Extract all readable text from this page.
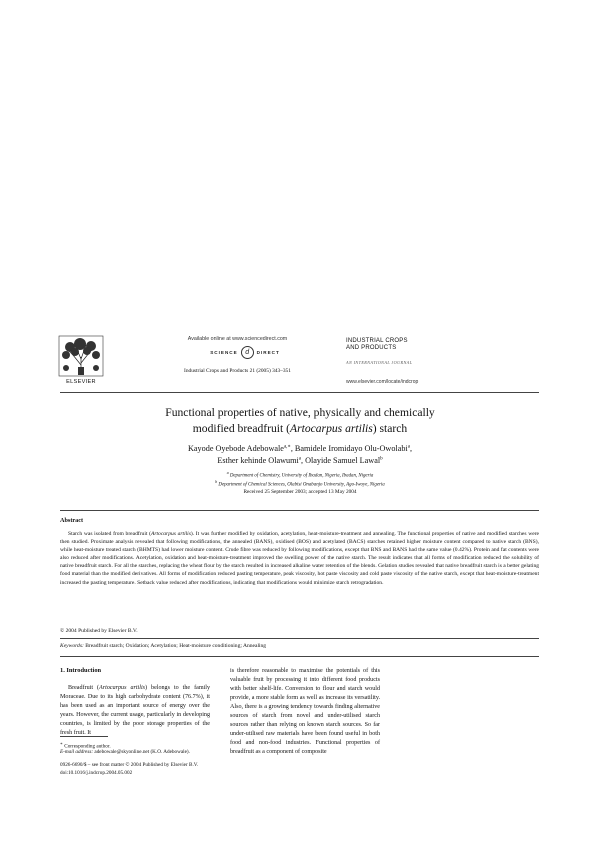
ELSEVIER
Available online at www.sciencedirect.com
SCIENCE	d	DIRECT
Industrial Crops and Products 21 (2005) 343–351
INDUSTRIAL CROPS
AND PRODUCTS
AN INTERNATIONAL JOURNAL
www.elsevier.com/locate/indcrop
Functional properties of native, physically and chemically
modified breadfruit (Artocarpus artilis) starch
Kayode Oyebode Adebowale$^{a,∗}$, Bamidele Iromidayo Olu-Owolabi$^a$,
Esther kehinde Olawumi$^a$, Olayide Samuel Lawal$^b$
$^a$ Department of Chemistry, University of Ibadan, Nigeria, Ibadan, Nigeria
$^b$ Department of Chemical Sciences, Olabisi Onabanjo University, Ago-Iwoye, Nigeria
Received 25 September 2003; accepted 13 May 2004
Abstract
Starch was isolated from breadfruit (Artocarpus artilis). It was further modified by oxidation, acetylation, heat-moisture-treatment and annealing. The functional properties of native and modified starches were then studied. Proximate analysis revealed that following modifications, the annealed (BANS), oxidised (BOS) and acetylated (BACS) starches retained higher moisture content compared to native starch (BNS), while heat-moisture treated starch (BHMTS) had lower moisture content. Crude fibre was reduced by following modifications, except that BNS and BANS had the same value (0.42%). Protein and fat contents were also reduced after modifications. Acetylation, oxidation and heat-moisture-treatment improved the swelling power of the native starch. The result indicates that all forms of modification reduced the solubility of native breadfruit starch. For all the starches, replacing the wheat flour by the starch resulted in increased alkaline water retention of the blends. Gelation studies revealed that native breadfruit starch is a better gelating food material than the modified derivatives. All forms of modification reduced pasting temperature, peak viscosity, hot paste viscosity and cold paste viscosity of the native starch, except that heat-moisture-treatment increased the pasting temperature. Setback value reduced after modifications, indicating that modifications would minimize starch retrogradation.
© 2004 Published by Elsevier B.V.
Keywords: Breadfruit starch; Oxidation; Acetylation; Heat-moisture conditioning; Annealing
1. Introduction
Breadfruit (Artocarpus artilis) belongs to the family Moraceae. Due to its high carbohydrate content (76.7%), it has been used as an important source of energy over the years. However, the current usage, particularly in developing countries, is limited by the poor storage properties of the fresh fruit. It
is therefore reasonable to maximise the potentials of this valuable fruit by processing it into different food products with better shelf-life. Conversion to flour and starch would provide, a more stable form as well as increase its versatility. Also, there is a growing tendency towards finding alternative sources of starch from novel and under-utilised starch sources rather than relying on known starch sources. So far under-utilised raw materials have been found useful in both food and non-food industries. Functional properties of breadfruit as a component of composite
∗ Corresponding author.
E-mail address: adebowale@skyonline.net (K.O. Adebowale).
0926-6690/$ – see front matter © 2004 Published by Elsevier B.V.
doi:10.1016/j.indcrop.2004.05.002
